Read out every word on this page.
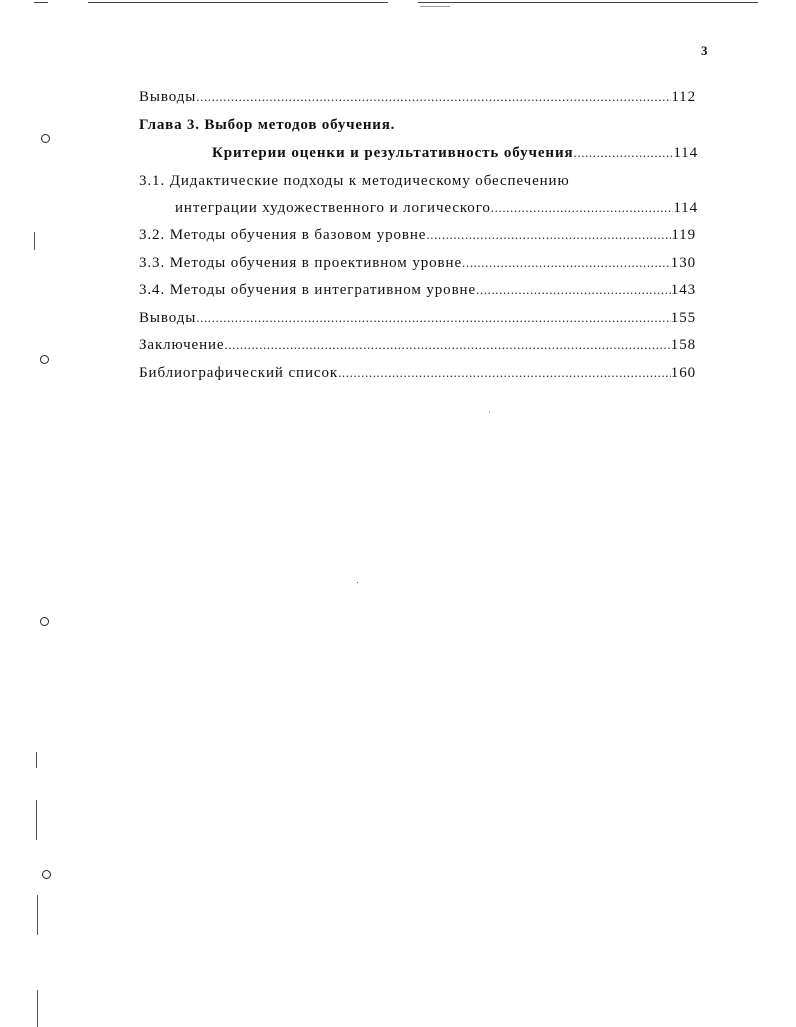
3
Выводы .....	112
Глава 3. Выбор методов обучения.
Критерии оценки и результативность обучения .....	114
3.1. Дидактические подходы к методическому обеспечению
интеграции художественного и логического .....	114
3.2. Методы обучения в базовом уровне .....	119
3.3. Методы обучения в проективном уровне .....	130
3.4. Методы обучения в интегративном уровне .....	143
Выводы .....	155
Заключение .....	158
Библиографический список .....	160
